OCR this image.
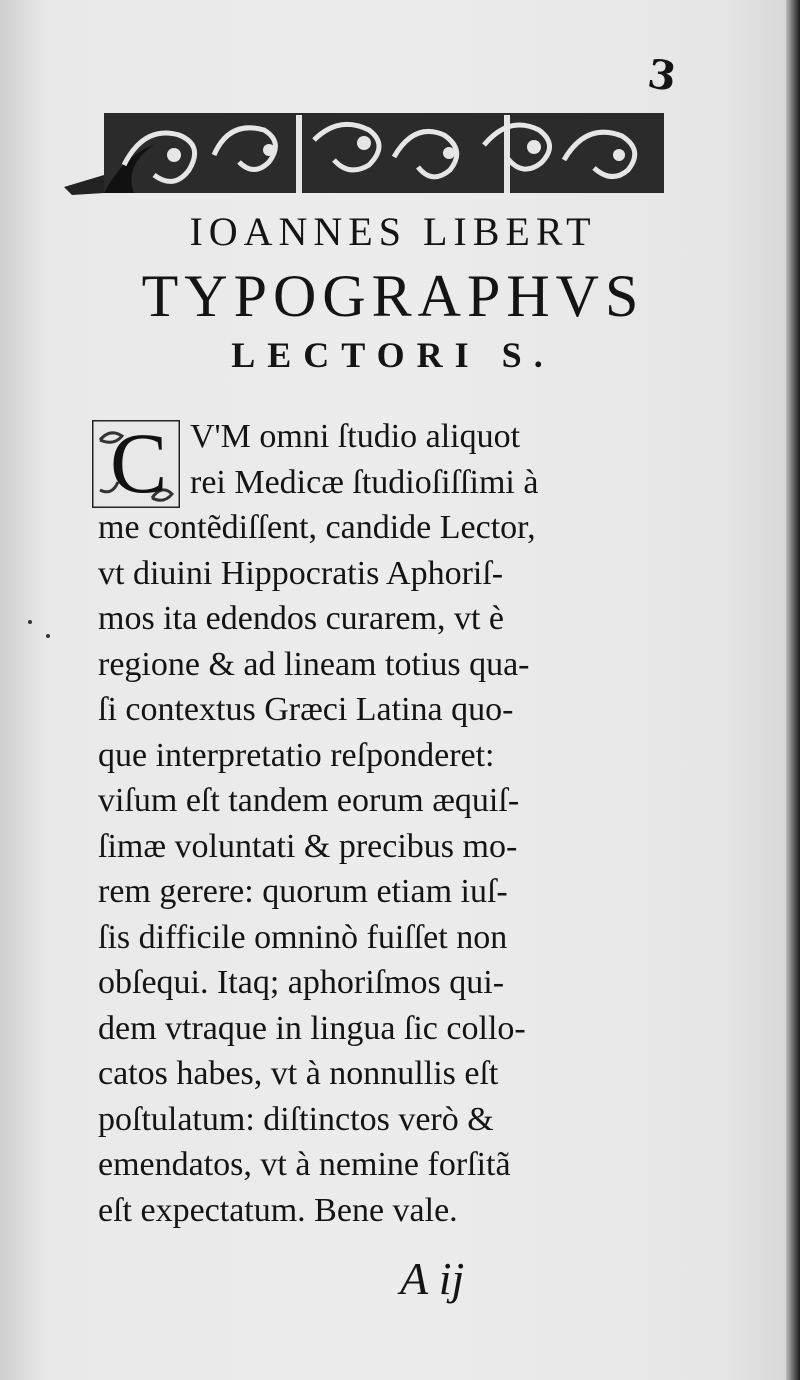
3
IOANNES LIBERT
TYPOGRAPHVS
LECTORI S.
C V'M omni ſtudio aliquot
rei Medicæ ſtudioſiſſimi à
me contẽdiſſent, candide Lector,
vt diuini Hippocratis Aphoriſ-
mos ita edendos curarem, vt è
regione & ad lineam totius qua-
ſi contextus Græci Latina quo-
que interpretatio reſponderet:
viſum eſt tandem eorum æquiſ-
ſimæ voluntati & precibus mo-
rem gerere: quorum etiam iuſ-
ſis difficile omninò fuiſſet non
obſequi. Itaq; aphoriſmos qui-
dem vtraque in lingua ſic collo-
catos habes, vt à nonnullis eſt
poſtulatum: diſtinctos verò &
emendatos, vt à nemine forſitã
eſt expectatum. Bene vale.
A ij
